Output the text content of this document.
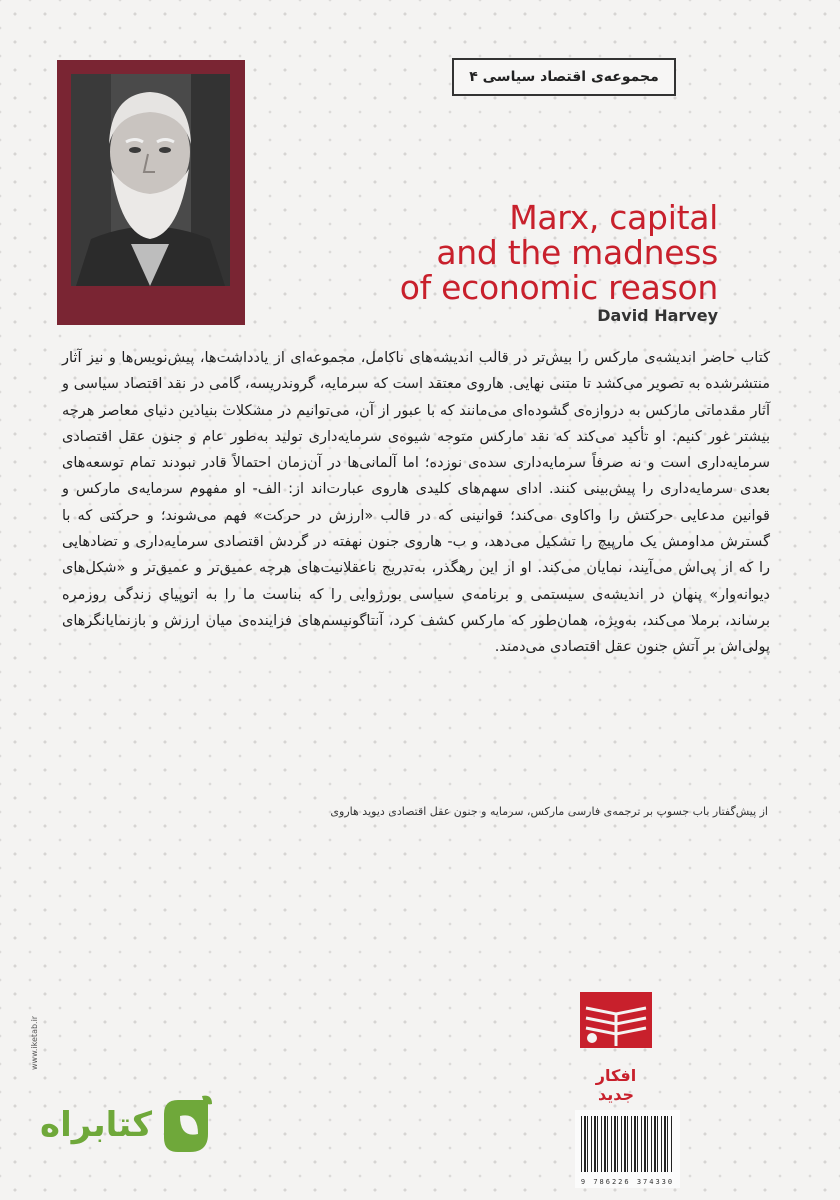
مجموعه‌ی اقتصاد سیاسی ۴
Marx, capital
and the madness
of economic reason
David Harvey
کتاب حاضر اندیشه‌ی مارکس را بیش‌تر در قالب اندیشه‌های ناکامل، مجموعه‌ای از یادداشت‌ها، پیش‌نویس‌ها و نیز آثار منتشرشده به تصویر می‌کشد تا متنی نهایی. هاروی معتقد است که سرمایه، گروندریسه، گامی در نقد اقتصاد سیاسی و آثار مقدماتی مارکس به دروازه‌ی گشوده‌ای می‌مانند که با عبور از آن، می‌توانیم در مشکلات بنیادین دنیای معاصر هرچه بیشتر غور کنیم. او تأکید می‌کند که نقد مارکس متوجه شیوه‌ی سرمایه‌داری تولید به‌طور عام و جنون عقل اقتصادی سرمایه‌داری است و نه صرفاً سرمایه‌داری سده‌ی نوزده؛ اما آلمانی‌ها در آن‌زمان احتمالاً قادر نبودند تمام توسعه‌های بعدی سرمایه‌داری را پیش‌بینی کنند. ادای سهم‌های کلیدی هاروی عبارت‌اند از: الف- او مفهوم سرمایه‌ی مارکس و قوانین مدعایی حرکتش را واکاوی می‌کند؛ قوانینی که در قالب «ارزش در حرکت» فهم می‌شوند؛ و حرکتی که با گسترش مداومش یک مارپیچ را تشکیل می‌دهد، و ب- هاروی جنون نهفته در گردش اقتصادی سرمایه‌داری و تضادهایی را که از پی‌اش می‌آیند، نمایان می‌کند. او از این رهگذر، به‌تدریج ناعقلانیت‌های هرچه عمیق‌تر و عمیق‌تر و «شکل‌های دیوانه‌وار» پنهان در اندیشه‌ی سیستمی و برنامه‌ی سیاسی بورژوایی را که بناست ما را به اتوپیای زندگی روزمره برساند، برملا می‌کند، به‌ویژه، همان‌طور که مارکس کشف کرد، آنتاگونیسم‌های فزاینده‌ی میان ارزش و بازنمایانگرهای پولی‌اش بر آتش جنون عقل اقتصادی می‌دمند.
از پیش‌گفتار باب جسوپ بر ترجمه‌ی فارسی مارکس، سرمایه و جنون عقل اقتصادی دیوید هاروی
افکار جدید
www.iketab.ir
کتابراه
9 786226 374330
